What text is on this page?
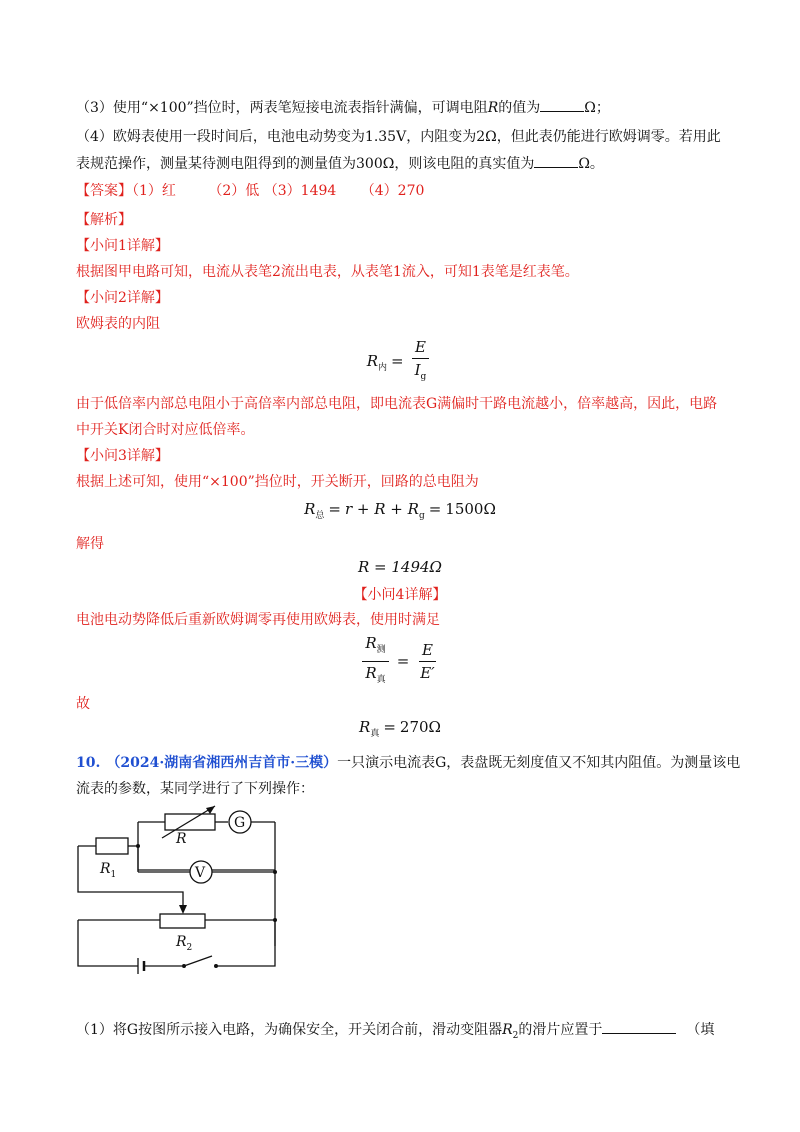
（3）使用“×100”挡位时，两表笔短接电流表指针满偏，可调电阻R的值为	Ω；
（4）欧姆表使用一段时间后，电池电动势变为1.35V，内阻变为2Ω，但此表仍能进行欧姆调零。若用此
表规范操作，测量某待测电阻得到的测量值为300Ω，则该电阻的真实值为	Ω。
【答案】（1）红 （2）低 （3）1494 （4）270
【解析】
【小问1详解】
根据图甲电路可知，电流从表笔2流出电表，从表笔1流入，可知1表笔是红表笔。
【小问2详解】
欧姆表的内阻
$R_内 = \frac{E}{I_g}$
由于低倍率内部总电阻小于高倍率内部总电阻，即电流表G满偏时干路电流越小，倍率越高，因此，电路
中开关K闭合时对应低倍率。
【小问3详解】
根据上述可知，使用“×100”挡位时，开关断开，回路的总电阻为
$R_总 = r + R + R_g = 1500\Omega$
解得
R = 1494Ω
【小问4详解】
电池电动势降低后重新欧姆调零再使用欧姆表，使用时满足
$\frac{R_测}{R_真} = \frac{E}{E'}$
故
$R_真 = 270\Omega$
10. （2024·湖南省湘西州吉首市·三模）一只演示电流表G，表盘既无刻度值又不知其内阻值。为测量该电
流表的参数，某同学进行了下列操作：
G
R
$R_1$	V
$R_2$
（1）将G按图所示接入电路，为确保安全，开关闭合前，滑动变阻器$R_2$的滑片应置于	（填
